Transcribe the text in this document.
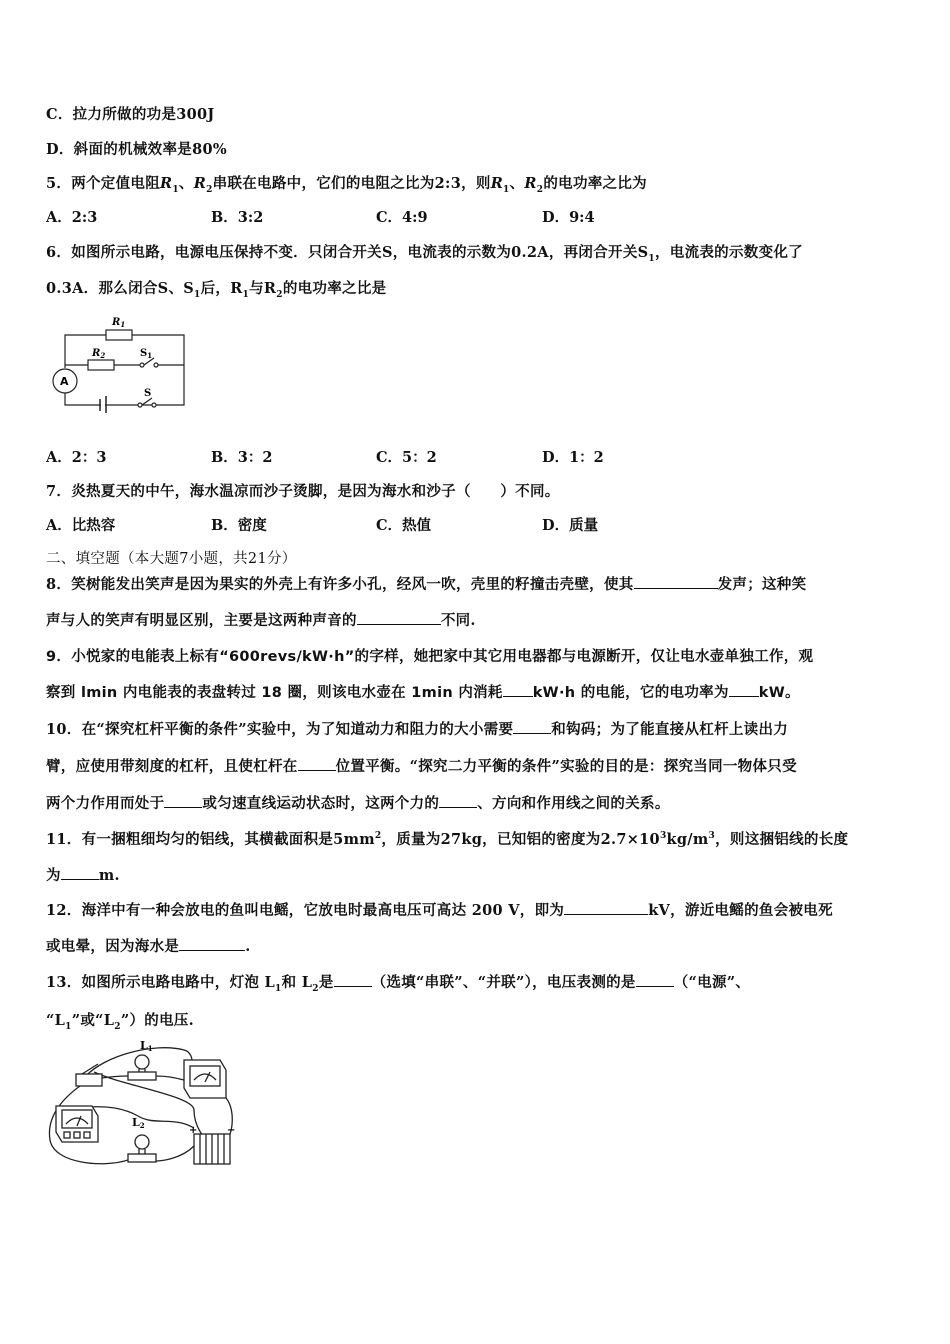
C．拉力所做的功是300J
D．斜面的机械效率是80%
5．两个定值电阻$R_1$、$R_2$串联在电路中，它们的电阻之比为2:3，则$R_1$、$R_2$的电功率之比为
A．2:3	B．3:2	C．4:9	D．9:4
6．如图所示电路，电源电压保持不变．只闭合开关S，电流表的示数为0.2A，再闭合开关$S_1$，电流表的示数变化了
0.3A．那么闭合S、$S_1$后，$R_1$与$R_2$的电功率之比是
$R_1$
$R_2$	$S_1$
S
A
A．2：3	B．3：2	C．5：2	D．1：2
7．炎热夏天的中午，海水温凉而沙子烫脚，是因为海水和沙子（　　）不同。
A．比热容	B．密度	C．热值	D．质量
二、填空题（本大题7小题，共21分）
8．笑树能发出笑声是因为果实的外壳上有许多小孔，经风一吹，壳里的籽撞击壳壁，使其	发声；这种笑
声与人的笑声有明显区别，主要是这两种声音的	不同.
9．小悦家的电能表上标有“600revs/kW·h”的字样，她把家中其它用电器都与电源断开，仅让电水壶单独工作，观
察到 lmin 内电能表的表盘转过 18 圈，则该电水壶在 1min 内消耗 kW·h 的电能，它的电功率为 kW。
10．在“探究杠杆平衡的条件”实验中，为了知道动力和阻力的大小需要	和钩码；为了能直接从杠杆上读出力
臂，应使用带刻度的杠杆，且使杠杆在	位置平衡。“探究二力平衡的条件”实验的目的是：探究当同一物体只受
两个力作用而处于	或匀速直线运动状态时，这两个力的	、方向和作用线之间的关系。
11．有一捆粗细均匀的铝线，其横截面积是$5mm^2$，质量为27kg，已知铝的密度为$2.7\times 10^3kg/m^3$，则这捆铝线的长度
为	m.
12．海洋中有一种会放电的鱼叫电鳐，它放电时最高电压可高达 200 V，即为	kV，游近电鳐的鱼会被电死
或电晕，因为海水是	.
13．如图所示电路电路中，灯泡 $L_1$和 $L_2$是	（选填“串联”、“并联”），电压表测的是	（“电源”、
“$L_1$”或“$L_2$”）的电压.
L1
L2	+	−
